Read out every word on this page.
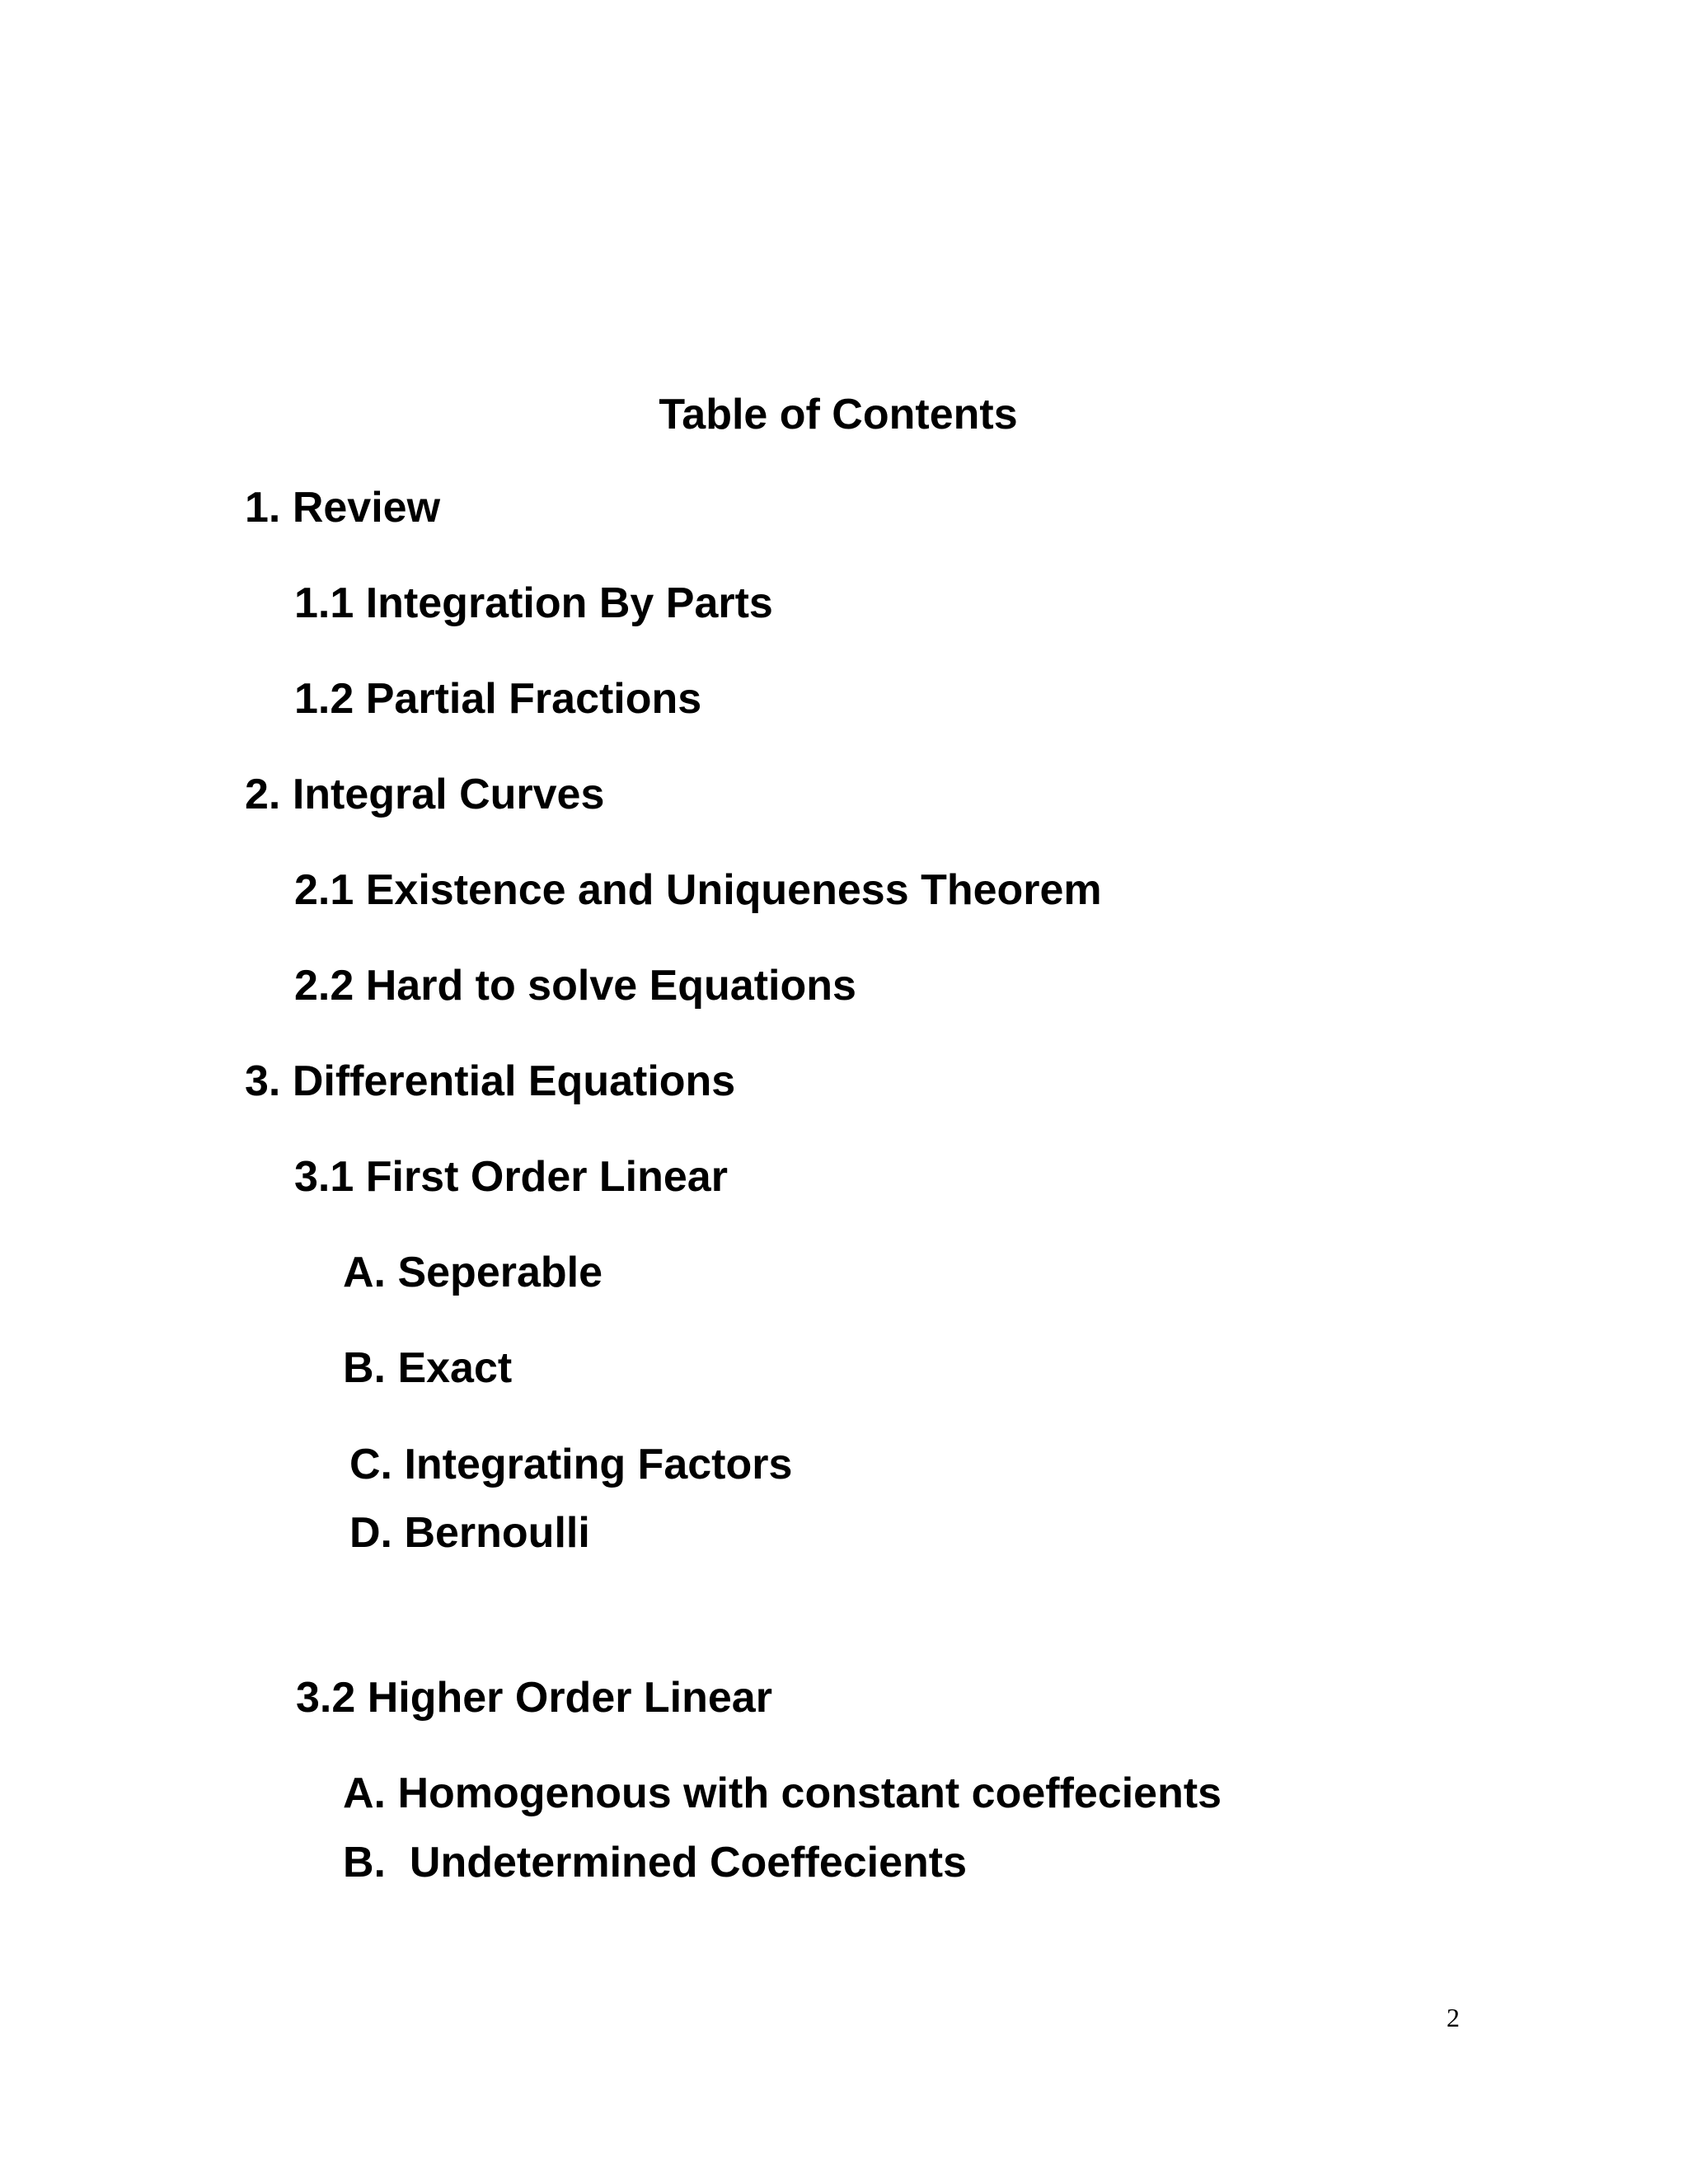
Table of Contents
1. Review
1.1 Integration By Parts
1.2 Partial Fractions
2. Integral Curves
2.1 Existence and Uniqueness Theorem
2.2 Hard to solve Equations
3. Differential Equations
3.1 First Order Linear
A. Seperable
B. Exact
C. Integrating Factors
D. Bernoulli
3.2 Higher Order Linear
A. Homogenous with constant coeffecients
B.  Undetermined Coeffecients
2
